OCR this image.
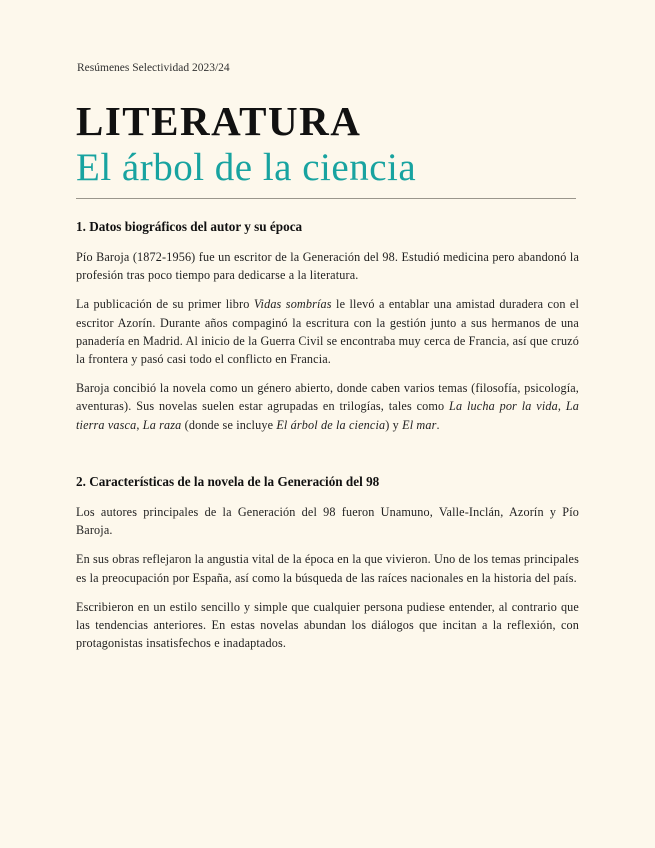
Resúmenes Selectividad 2023/24
LITERATURA
El árbol de la ciencia
1. Datos biográficos del autor y su época

Pío Baroja (1872-1956) fue un escritor de la Generación del 98. Estudió medicina pero abandonó la profesión tras poco tiempo para dedicarse a la literatura.

La publicación de su primer libro Vidas sombrías le llevó a entablar una amistad duradera con el escritor Azorín. Durante años compaginó la escritura con la gestión junto a sus hermanos de una panadería en Madrid. Al inicio de la Guerra Civil se encontraba muy cerca de Francia, así que cruzó la frontera y pasó casi todo el conflicto en Francia.

Baroja concibió la novela como un género abierto, donde caben varios temas (filosofía, psicología, aventuras). Sus novelas suelen estar agrupadas en trilogías, tales como La lucha por la vida, La tierra vasca, La raza (donde se incluye El árbol de la ciencia) y El mar.

2. Características de la novela de la Generación del 98

Los autores principales de la Generación del 98 fueron Unamuno, Valle-Inclán, Azorín y Pío Baroja.

En sus obras reflejaron la angustia vital de la época en la que vivieron. Uno de los temas principales es la preocupación por España, así como la búsqueda de las raíces nacionales en la historia del país.

Escribieron en un estilo sencillo y simple que cualquier persona pudiese entender, al contrario que las tendencias anteriores. En estas novelas abundan los diálogos que incitan a la reflexión, con protagonistas insatisfechos e inadaptados.
